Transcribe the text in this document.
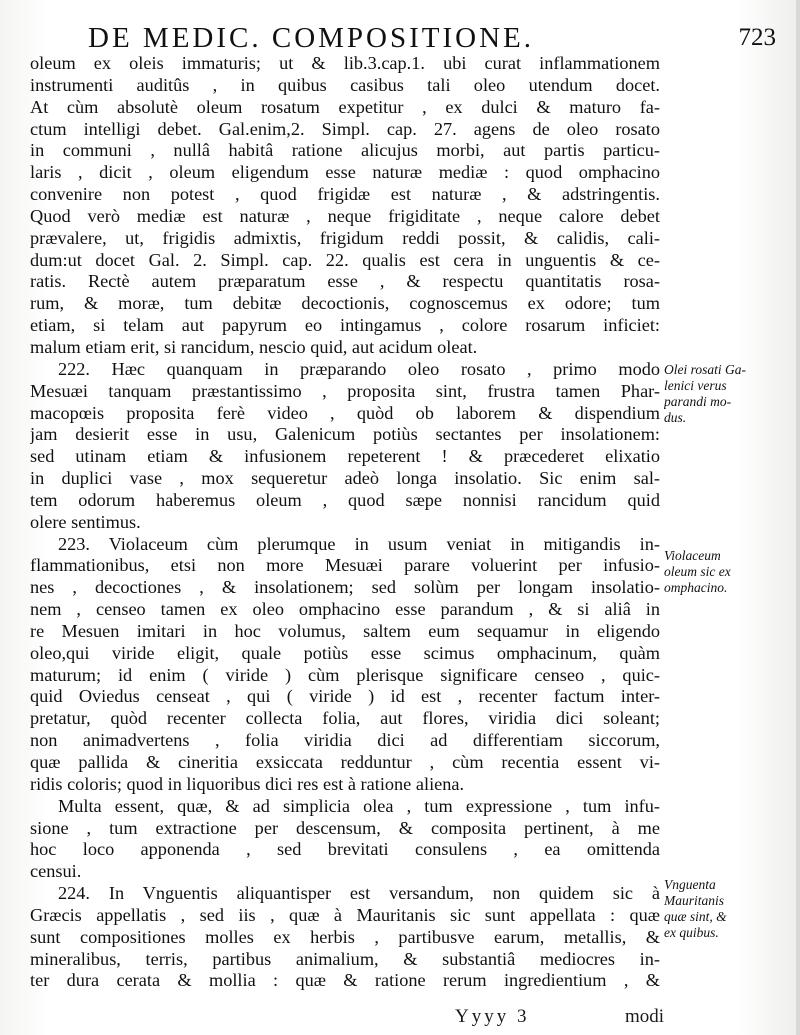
DE MEDIC. COMPOSITIONE.	723
oleum ex oleis immaturis; ut & lib.3.cap.1. ubi curat inflammationem
instrumenti auditûs , in quibus casibus tali oleo utendum docet.
At cùm absolutè oleum rosatum expetitur , ex dulci & maturo fa-
ctum intelligi debet. Gal.enim,2. Simpl. cap. 27. agens de oleo rosato
in communi , nullâ habitâ ratione alicujus morbi, aut partis particu-
laris , dicit , oleum eligendum esse naturæ mediæ : quod omphacino
convenire non potest , quod frigidæ est naturæ , & adstringentis.
Quod verò mediæ est naturæ , neque frigiditate , neque calore debet
prævalere, ut, frigidis admixtis, frigidum reddi possit, & calidis, cali-
dum:ut docet Gal. 2. Simpl. cap. 22. qualis est cera in unguentis & ce-
ratis. Rectè autem præparatum esse , & respectu quantitatis rosa-
rum, & moræ, tum debitæ decoctionis, cognoscemus ex odore; tum
etiam, si telam aut papyrum eo intingamus , colore rosarum inficiet:
malum etiam erit, si rancidum, nescio quid, aut acidum oleat.
222. Hæc quanquam in præparando oleo rosato , primo modo
Mesuæi tanquam præstantissimo , proposita sint, frustra tamen Phar-
macopœis proposita ferè video , quòd ob laborem & dispendium
jam desierit esse in usu, Galenicum potiùs sectantes per insolationem:
sed utinam etiam & infusionem repeterent ! & præcederet elixatio
in duplici vase , mox sequeretur adeò longa insolatio. Sic enim sal-
tem odorum haberemus oleum , quod sæpe nonnisi rancidum quid
olere sentimus.
223. Violaceum cùm plerumque in usum veniat in mitigandis in-
flammationibus, etsi non more Mesuæi parare voluerint per infusio-
nes , decoctiones , & insolationem; sed solùm per longam insolatio-
nem , censeo tamen ex oleo omphacino esse parandum , & si aliâ in
re Mesuen imitari in hoc volumus, saltem eum sequamur in eligendo
oleo,qui viride eligit, quale potiùs esse scimus omphacinum, quàm
maturum; id enim ( viride ) cùm plerisque significare censeo , quic-
quid Oviedus censeat , qui ( viride ) id est , recenter factum inter-
pretatur, quòd recenter collecta folia, aut flores, viridia dici soleant;
non animadvertens , folia viridia dici ad differentiam siccorum,
quæ pallida & cineritia exsiccata redduntur , cùm recentia essent vi-
ridis coloris; quod in liquoribus dici res est à ratione aliena.
Multa essent, quæ, & ad simplicia olea , tum expressione , tum infu-
sione , tum extractione per descensum, & composita pertinent, à me
hoc loco apponenda , sed brevitati consulens , ea omittenda
censui.
224. In Vnguentis aliquantisper est versandum, non quidem sic à
Græcis appellatis , sed iis , quæ à Mauritanis sic sunt appellata : quæ
sunt compositiones molles ex herbis , partibusve earum, metallis, &
mineralibus, terris, partibus animalium, & substantiâ mediocres in-
ter dura cerata & mollia : quæ & ratione rerum ingredientium , &
Olei rosati Ga-
lenici verus
parandi mo-
dus.
Violaceum
oleum sic ex
omphacino.
Vnguenta
Mauritanis
quæ sint, &
ex quibus.
Yyyy 3	modi
